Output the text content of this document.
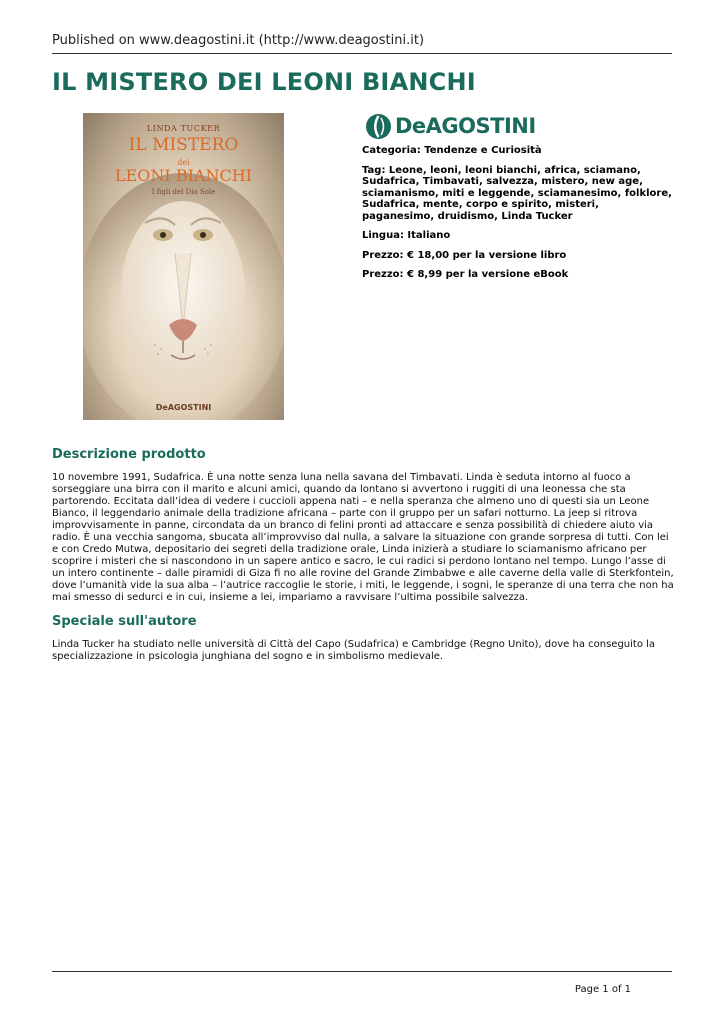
Published on www.deagostini.it (http://www.deagostini.it)
IL MISTERO DEI LEONI BIANCHI
LINDA TUCKER
IL MISTERO
dei
LEONI BIANCHI
I figli del Dio Sole
DeAGOSTINI
DeAGOSTINI

Categoria: Tendenze e Curiosità

Tag: Leone, leoni, leoni bianchi, africa, sciamano, Sudafrica, Timbavati, salvezza, mistero, new age, sciamanismo, miti e leggende, sciamanesimo, folklore, Sudafrica, mente, corpo e spirito, misteri, paganesimo, druidismo, Linda Tucker

Lingua: Italiano

Prezzo: € 18,00 per la versione libro

Prezzo: € 8,99 per la versione eBook

Descrizione prodotto

10 novembre 1991, Sudafrica. È una notte senza luna nella savana del Timbavati. Linda è seduta intorno al fuoco a sorseggiare una birra con il marito e alcuni amici, quando da lontano si avvertono i ruggiti di una leonessa che sta partorendo. Eccitata dall’idea di vedere i cuccioli appena nati – e nella speranza che almeno uno di questi sia un Leone Bianco, il leggendario animale della tradizione africana – parte con il gruppo per un safari notturno. La jeep si ritrova improvvisamente in panne, circondata da un branco di felini pronti ad attaccare e senza possibilità di chiedere aiuto via radio. È una vecchia sangoma, sbucata all’improvviso dal nulla, a salvare la situazione con grande sorpresa di tutti. Con lei e con Credo Mutwa, depositario dei segreti della tradizione orale, Linda inizierà a studiare lo sciamanismo africano per scoprire i misteri che si nascondono in un sapere antico e sacro, le cui radici si perdono lontano nel tempo. Lungo l’asse di un intero continente – dalle piramidi di Giza fi no alle rovine del Grande Zimbabwe e alle caverne della valle di Sterkfontein, dove l’umanità vide la sua alba – l’autrice raccoglie le storie, i miti, le leggende, i sogni, le speranze di una terra che non ha mai smesso di sedurci e in cui, insieme a lei, impariamo a ravvisare l’ultima possibile salvezza.

Speciale sull'autore

Linda Tucker ha studiato nelle università di Città del Capo (Sudafrica) e Cambridge (Regno Unito), dove ha conseguito la specializzazione in psicologia junghiana del sogno e in simbolismo medievale.

Page 1 of 1
